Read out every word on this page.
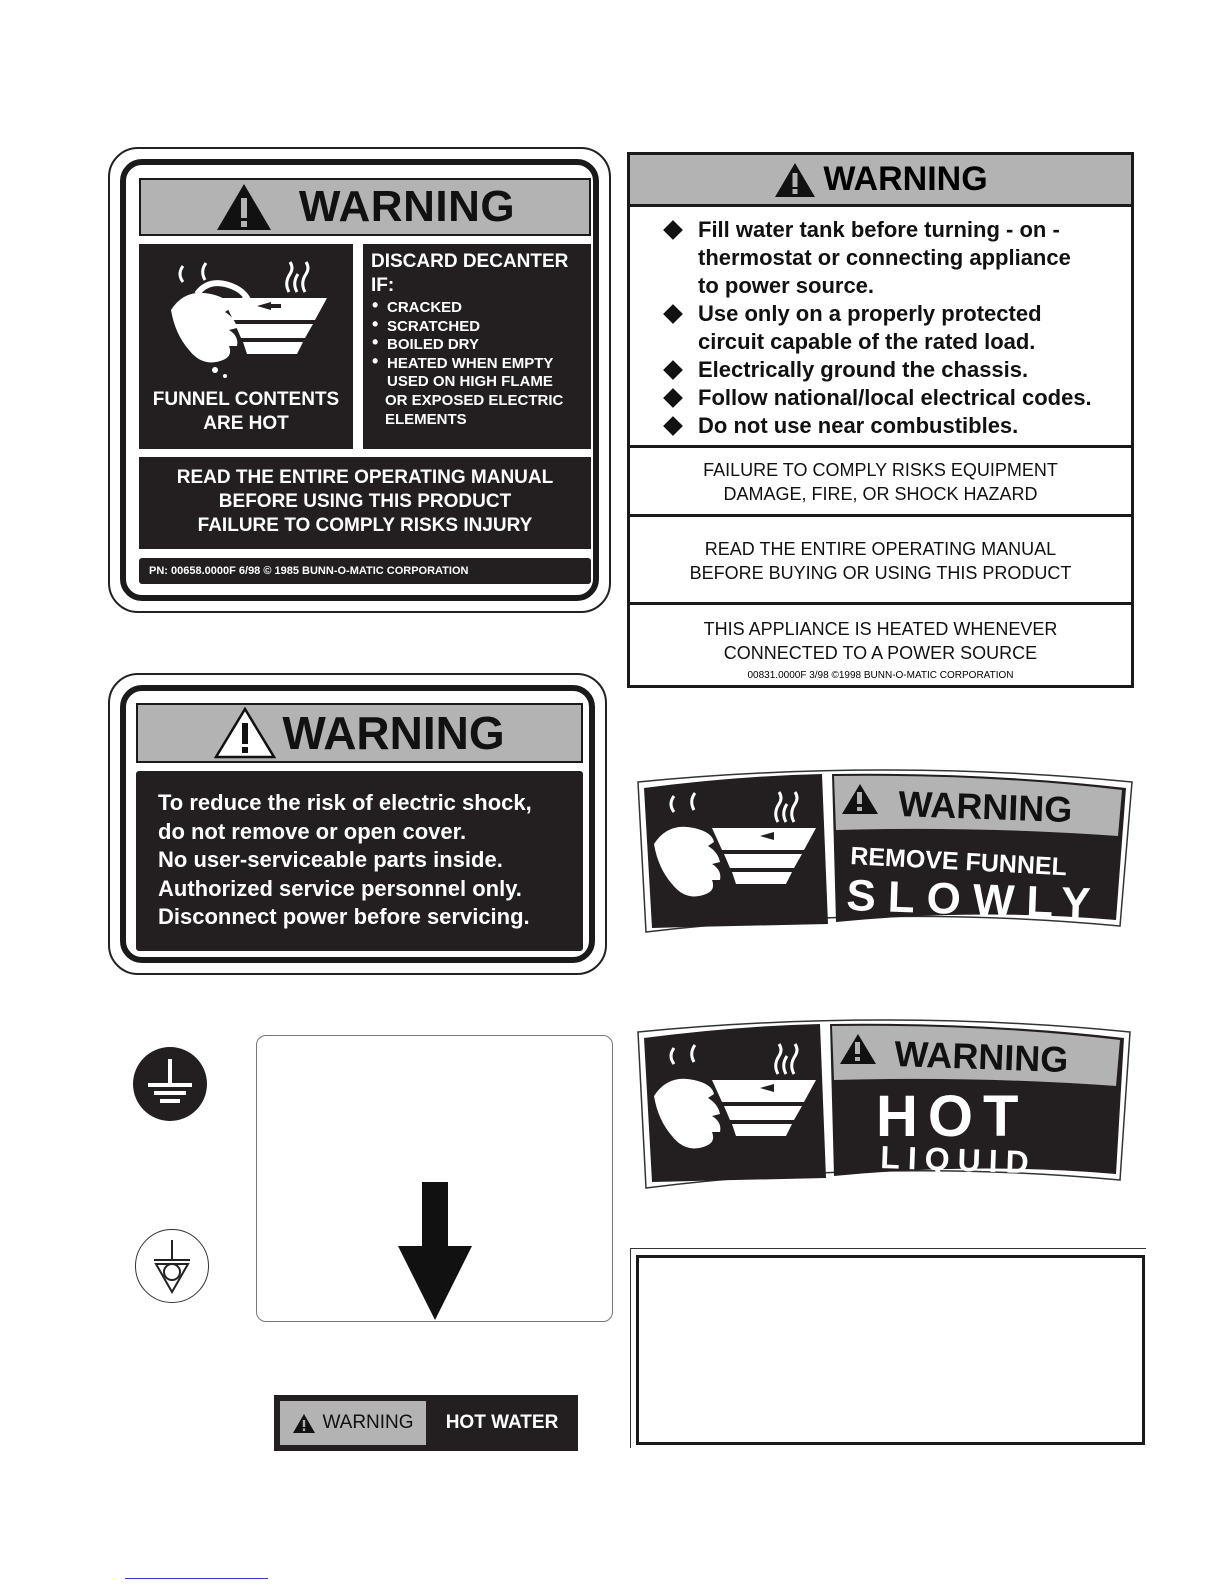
WARNING
FUNNEL CONTENTS
ARE HOT
DISCARD DECANTER
IF:
• CRACKED
• SCRATCHED
• BOILED DRY
• HEATED WHEN EMPTY
USED ON HIGH FLAME
OR EXPOSED ELECTRIC
ELEMENTS
READ THE ENTIRE OPERATING MANUAL
BEFORE USING THIS PRODUCT
FAILURE TO COMPLY RISKS INJURY
PN: 00658.0000F 6/98 © 1985 BUNN-O-MATIC CORPORATION
WARNING
Fill water tank before turning - on -
thermostat or connecting appliance
to power source.
Use only on a properly protected
circuit capable of the rated load.
Electrically ground the chassis.
Follow national/local electrical codes.
Do not use near combustibles.
FAILURE TO COMPLY RISKS EQUIPMENT
DAMAGE, FIRE, OR SHOCK HAZARD
READ THE ENTIRE OPERATING MANUAL
BEFORE BUYING OR USING THIS PRODUCT
THIS APPLIANCE IS HEATED WHENEVER
CONNECTED TO A POWER SOURCE
00831.0000F 3/98 ©1998 BUNN-O-MATIC CORPORATION
WARNING

To reduce the risk of electric shock,

do not remove or open cover.

No user-serviceable parts inside.

Authorized service personnel only.

Disconnect power before servicing.

WARNING
REMOVE FUNNEL
SLOWLY
WARNING
HOT
LIQUID
WARNING	HOT WATER
